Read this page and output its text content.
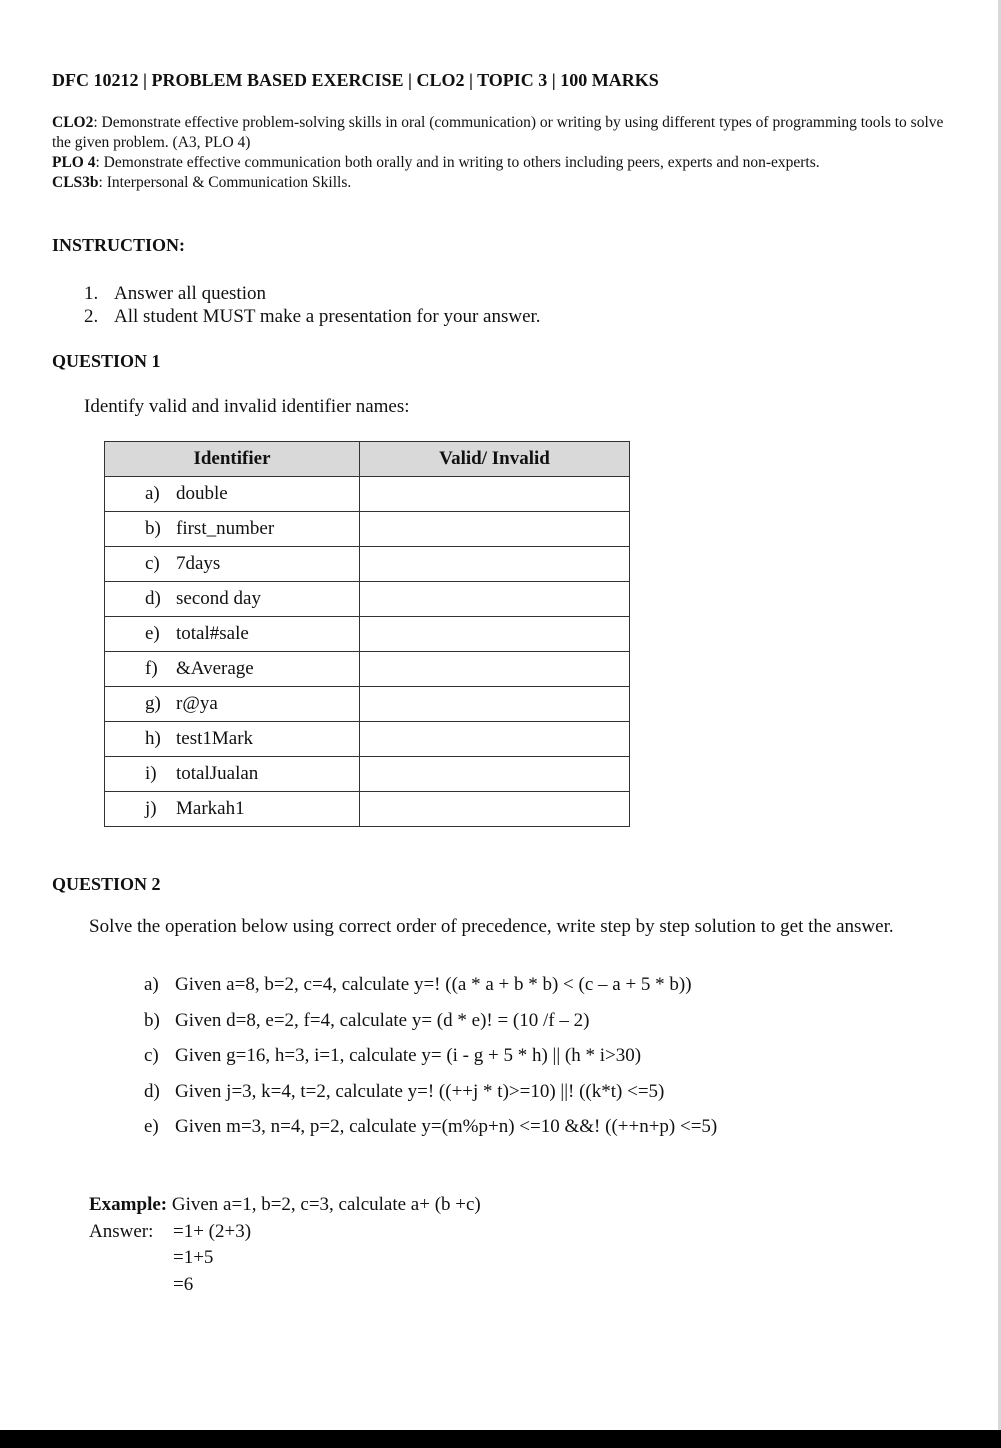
DFC 10212 | PROBLEM BASED EXERCISE | CLO2 | TOPIC 3 | 100 MARKS
CLO2: Demonstrate effective problem-solving skills in oral (communication) or writing by using different types of programming tools to solve the given problem. (A3, PLO 4)
PLO 4: Demonstrate effective communication both orally and in writing to others including peers, experts and non-experts.
CLS3b: Interpersonal & Communication Skills.
INSTRUCTION:
1. Answer all question
2. All student MUST make a presentation for your answer.
QUESTION 1
Identify valid and invalid identifier names:
Identifier	Valid/ Invalid
a) double	
b) first_number	
c) 7days	
d) second day	
e) total#sale	
f) &Average	
g) r@ya	
h) test1Mark	
i) totalJualan	
j) Markah1	
QUESTION 2
Solve the operation below using correct order of precedence, write step by step solution to get the answer.
a) Given a=8, b=2, c=4, calculate y=! ((a * a + b * b) < (c – a + 5 * b))
b) Given d=8, e=2, f=4, calculate y= (d * e)! = (10 /f – 2)
c) Given g=16, h=3, i=1, calculate y= (i - g + 5 * h) || (h * i>30)
d) Given j=3, k=4, t=2, calculate y=! ((++j * t)>=10) ||! ((k*t) <=5)
e) Given m=3, n=4, p=2, calculate y=(m%p+n) <=10 &&! ((++n+p) <=5)
Example: Given a=1, b=2, c=3, calculate a+ (b +c)
Answer: =1+ (2+3)
=1+5
=6
